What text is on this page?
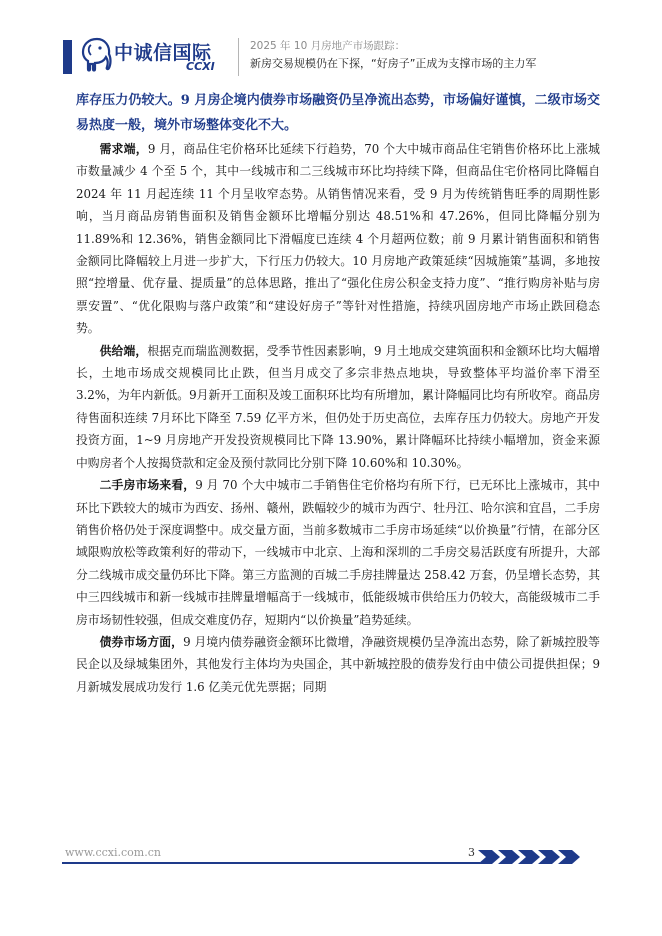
中诚信国际
CCXI
2025 年 10 月房地产市场跟踪：
新房交易规模仍在下探，“好房子”正成为支撑市场的主力军

库存压力仍较大。9 月房企境内债券市场融资仍呈净流出态势，市场偏好谨慎，二级市场交易热度一般，境外市场整体变化不大。

需求端，9 月，商品住宅价格环比延续下行趋势，70 个大中城市商品住宅销售价格环比上涨城市数量减少 4 个至 5 个，其中一线城市和二三线城市环比均持续下降，但商品住宅价格同比降幅自 2024 年 11 月起连续 11 个月呈收窄态势。从销售情况来看，受 9 月为传统销售旺季的周期性影响，当月商品房销售面积及销售金额环比增幅分别达 48.51%和 47.26%，但同比降幅分别为 11.89%和 12.36%，销售金额同比下滑幅度已连续 4 个月超两位数；前 9 月累计销售面积和销售金额同比降幅较上月进一步扩大，下行压力仍较大。10 月房地产政策延续“因城施策”基调，多地按照“控增量、优存量、提质量”的总体思路，推出了“强化住房公积金支持力度”、“推行购房补贴与房票安置”、“优化限购与落户政策”和“建设好房子”等针对性措施，持续巩固房地产市场止跌回稳态势。

供给端，根据克而瑞监测数据，受季节性因素影响，9 月土地成交建筑面积和金额环比均大幅增长，土地市场成交规模同比止跌，但当月成交了多宗非热点地块，导致整体平均溢价率下滑至 3.2%，为年内新低。9月新开工面积及竣工面积环比均有所增加，累计降幅同比均有所收窄。商品房待售面积连续 7月环比下降至 7.59 亿平方米，但仍处于历史高位，去库存压力仍较大。房地产开发投资方面，1~9 月房地产开发投资规模同比下降 13.90%，累计降幅环比持续小幅增加，资金来源中购房者个人按揭贷款和定金及预付款同比分别下降 10.60%和 10.30%。

二手房市场来看，9 月 70 个大中城市二手销售住宅价格均有所下行，已无环比上涨城市，其中环比下跌较大的城市为西安、扬州、赣州，跌幅较少的城市为西宁、牡丹江、哈尔滨和宜昌，二手房销售价格仍处于深度调整中。成交量方面，当前多数城市二手房市场延续“以价换量”行情，在部分区域限购放松等政策利好的带动下，一线城市中北京、上海和深圳的二手房交易活跃度有所提升，大部分二线城市成交量仍环比下降。第三方监测的百城二手房挂牌量达 258.42 万套，仍呈增长态势，其中三四线城市和新一线城市挂牌量增幅高于一线城市，低能级城市供给压力仍较大，高能级城市二手房市场韧性较强，但成交难度仍存，短期内“以价换量”趋势延续。

债券市场方面，9 月境内债券融资金额环比微增，净融资规模仍呈净流出态势，除了新城控股等民企以及绿城集团外，其他发行主体均为央国企，其中新城控股的债券发行由中债公司提供担保；9 月新城发展成功发行 1.6 亿美元优先票据；同期

www.ccxi.com.cn	3
